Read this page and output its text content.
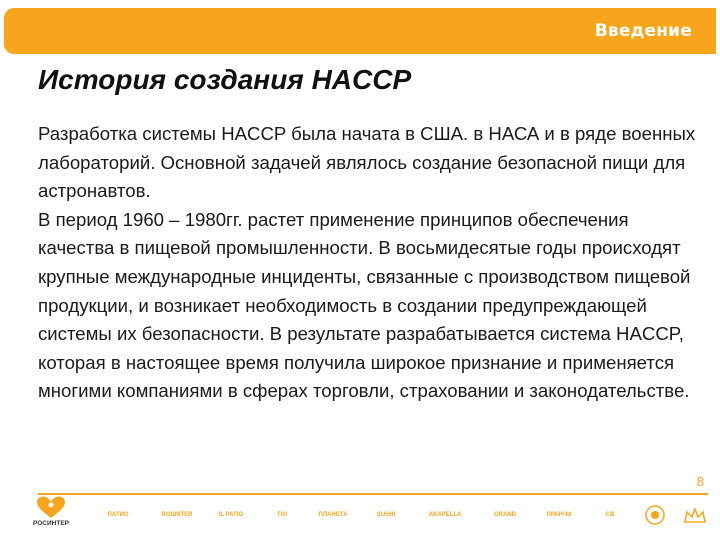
Введение
История создания HACCP

Разработка системы HACCP была начата в США. в НАСА и в ряде военных лабораторий. Основной задачей являлось создание безопасной пищи для астронавтов.

В период 1960 – 1980гг. растет применение принципов обеспечения качества в пищевой промышленности. В восьмидесятые годы происходят крупные международные инциденты, связанные с производством пищевой продукции, и возникает необходимость в создании предупреждающей системы их безопасности. В результате разрабатывается система HACCP, которая в настоящее время получила широкое признание и применяется многими компаниями в сферах торговли, страховании и законодательстве.

8
РОСИНТЕР
ПАТИО	ROSINTER	IL PATIO	TGI	ПЛАНЕТА	SUSHI	AKAPELLA	GRAND	ПРАНЧИ	СВ
